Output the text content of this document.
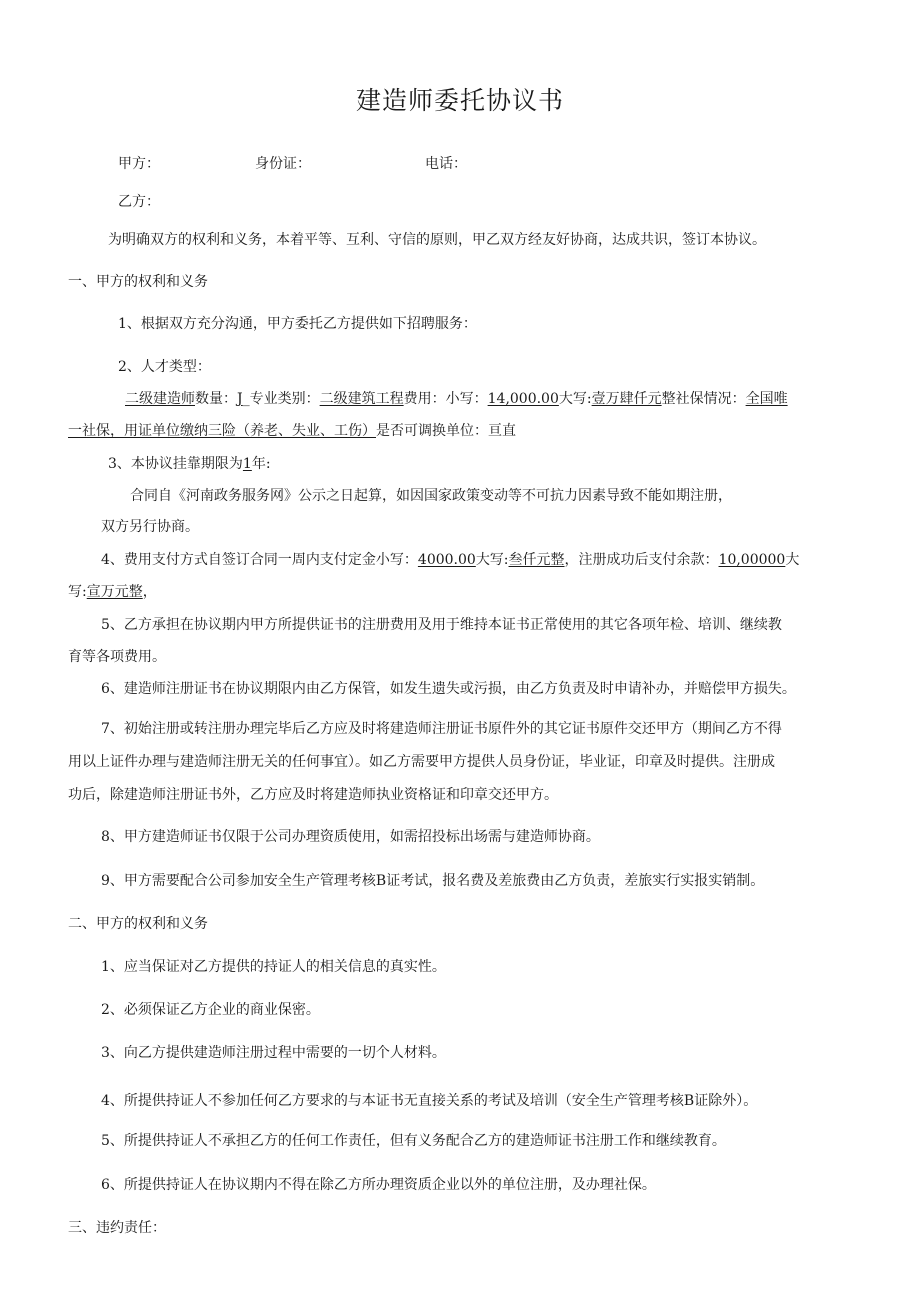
建造师委托协议书
甲方：	身份证：	电话：
乙方：
为明确双方的权利和义务，本着平等、互利、守信的原则，甲乙双方经友好协商，达成共识，签订本协议。
一、甲方的权利和义务
1、根据双方充分沟通，甲方委托乙方提供如下招聘服务：
2、人才类型：
二级建造师数量：J_专业类别：二级建筑工程费用：小写：14,000.00大写:壹万肆仟元整社保情况：全国唯
一社保，用证单位缴纳三险（养老、失业、工伤）是否可调换单位：亘直
3、本协议挂靠期限为1年:
合同自《河南政务服务网》公示之日起算，如因国家政策变动等不可抗力因素导致不能如期注册，
双方另行协商。
4、费用支付方式自签订合同一周内支付定金小写：4000.00大写:叁仟元整，注册成功后支付余款：10,00000大
写:宣万元整，
5、乙方承担在协议期内甲方所提供证书的注册费用及用于维持本证书正常使用的其它各项年检、培训、继续教
育等各项费用。
6、建造师注册证书在协议期限内由乙方保管，如发生遗失或污损，由乙方负责及时申请补办，并赔偿甲方损失。
7、初始注册或转注册办理完毕后乙方应及时将建造师注册证书原件外的其它证书原件交还甲方（期间乙方不得
用以上证件办理与建造师注册无关的任何事宜）。如乙方需要甲方提供人员身份证，毕业证，印章及时提供。注册成
功后，除建造师注册证书外，乙方应及时将建造师执业资格证和印章交还甲方。
8、甲方建造师证书仅限于公司办理资质使用，如需招投标出场需与建造师协商。
9、甲方需要配合公司参加安全生产管理考核B证考试，报名费及差旅费由乙方负责，差旅实行实报实销制。
二、甲方的权利和义务
1、应当保证对乙方提供的持证人的相关信息的真实性。
2、必须保证乙方企业的商业保密。
3、向乙方提供建造师注册过程中需要的一切个人材料。
4、所提供持证人不参加任何乙方要求的与本证书无直接关系的考试及培训（安全生产管理考核B证除外）。
5、所提供持证人不承担乙方的任何工作责任，但有义务配合乙方的建造师证书注册工作和继续教育。
6、所提供持证人在协议期内不得在除乙方所办理资质企业以外的单位注册，及办理社保。
三、违约责任：
